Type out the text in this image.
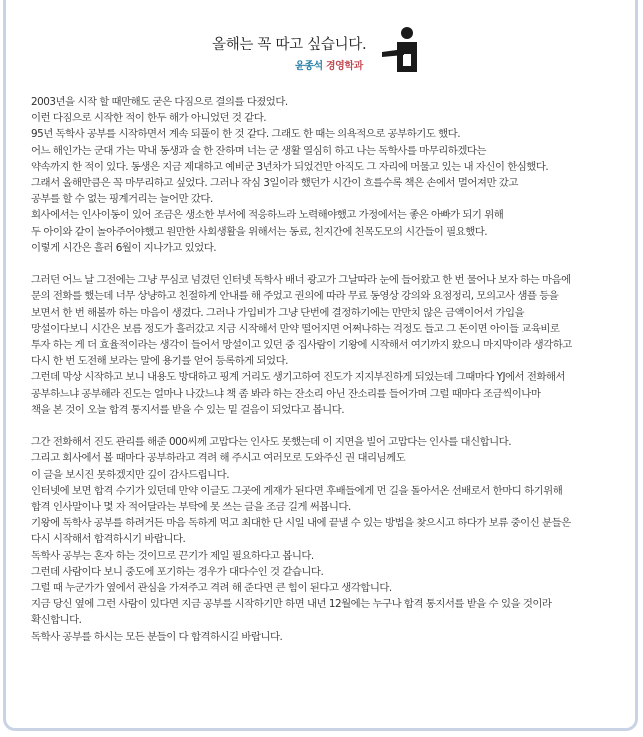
올해는 꼭 따고 싶습니다.
윤종석 경영학과
2003년을 시작 할 때만해도 굳은 다짐으로 결의를 다졌었다.
이런 다짐으로 시작한 적이 한두 해가 아니었던 것 같다.
95년 독학사 공부를 시작하면서 계속 되풀이 한 것 같다. 그래도 한 때는 의욕적으로 공부하기도 했다.
어느 해인가는 군대 가는 막내 동생과 술 한 잔하며 너는 군 생활 열심히 하고 나는 독학사를 마무리하겠다는
약속까지 한 적이 있다. 동생은 지금 제대하고 예비군 3년차가 되었건만 아직도 그 자리에 머물고 있는 내 자신이 한심했다.
그래서 올해만큼은 꼭 마무리하고 싶었다. 그러나 작심 3일이라 했던가 시간이 흐를수록 책은 손에서 멀어져만 갔고
공부를 할 수 없는 핑계거리는 늘어만 갔다.
회사에서는 인사이동이 있어 조금은 생소한 부서에 적응하느라 노력해야했고 가정에서는 좋은 아빠가 되기 위해
두 아이와 같이 놀아주어야했고 원만한 사회생활을 위해서는 동료, 친지간에 친목도모의 시간들이 필요했다.
이렇게 시간은 흘러 6월이 지나가고 있었다.
그러던 어느 날 그전에는 그냥 무심코 넘겼던 인터넷 독학사 배너 광고가 그날따라 눈에 들어왔고 한 번 물어나 보자 하는 마음에
문의 전화를 했는데 너무 상냥하고 친절하게 안내를 해 주었고 권의에 따라 무료 동영상 강의와 요점정리, 모의고사 샘플 등을
보면서 한 번 해볼까 하는 마음이 생겼다. 그러나 가입비가 그냥 단번에 결정하기에는 만만치 않은 금액이어서 가입을
망설이다보니 시간은 보름 정도가 흘러갔고 지금 시작해서 만약 떨어지면 어쩌나하는 걱정도 들고 그 돈이면 아이들 교육비로
투자 하는 게 더 효율적이라는 생각이 들어서 망설이고 있던 중 집사람이 기왕에 시작해서 여기까지 왔으니 마지막이라 생각하고
다시 한 번 도전해 보라는 말에 용기를 얻어 등록하게 되었다.
그런데 막상 시작하고 보니 내용도 방대하고 핑계 거리도 생기고하여 진도가 지지부진하게 되었는데 그때마다 YJ에서 전화해서
공부하느냐 공부해라 진도는 얼마나 나갔느냐 책 좀 봐라 하는 잔소리 아닌 잔소리를 들어가며 그럴 때마다 조금씩이나마
책을 본 것이 오늘 합격 통지서를 받을 수 있는 밑 걸음이 되었다고 봅니다.
그간 전화해서 진도 관리를 해준 000씨께 고맙다는 인사도 못했는데 이 지면을 빌어 고맙다는 인사를 대신합니다.
그리고 회사에서 볼 때마다 공부하라고 격려 해 주시고 여러모로 도와주신 권 대리님께도
이 글을 보시진 못하겠지만 깊이 감사드립니다.
인터넷에 보면 합격 수기가 있던데 만약 이글도 그곳에 게재가 된다면 후배들에게 먼 길을 돌아서온 선배로서 한마디 하기위해
합격 인사말이나 몇 자 적어달라는 부탁에 못 쓰는 글을 조금 길게 써봅니다.
기왕에 독학사 공부를 하려거든 마음 독하게 먹고 최대한 단 시일 내에 끝낼 수 있는 방법을 찾으시고 하다가 보류 중이신 분들은
다시 시작해서 합격하시기 바랍니다.
독학사 공부는 혼자 하는 것이므로 끈기가 제일 필요하다고 봅니다.
그런데 사람이다 보니 중도에 포기하는 경우가 대다수인 것 같습니다.
그럴 때 누군가가 옆에서 관심을 가져주고 격려 해 준다면 큰 힘이 된다고 생각합니다.
지금 당신 옆에 그런 사람이 있다면 지금 공부를 시작하기만 하면 내년 12월에는 누구나 합격 통지서를 받을 수 있을 것이라
확신합니다.
독학사 공부를 하시는 모든 분들이 다 합격하시길 바랍니다.
